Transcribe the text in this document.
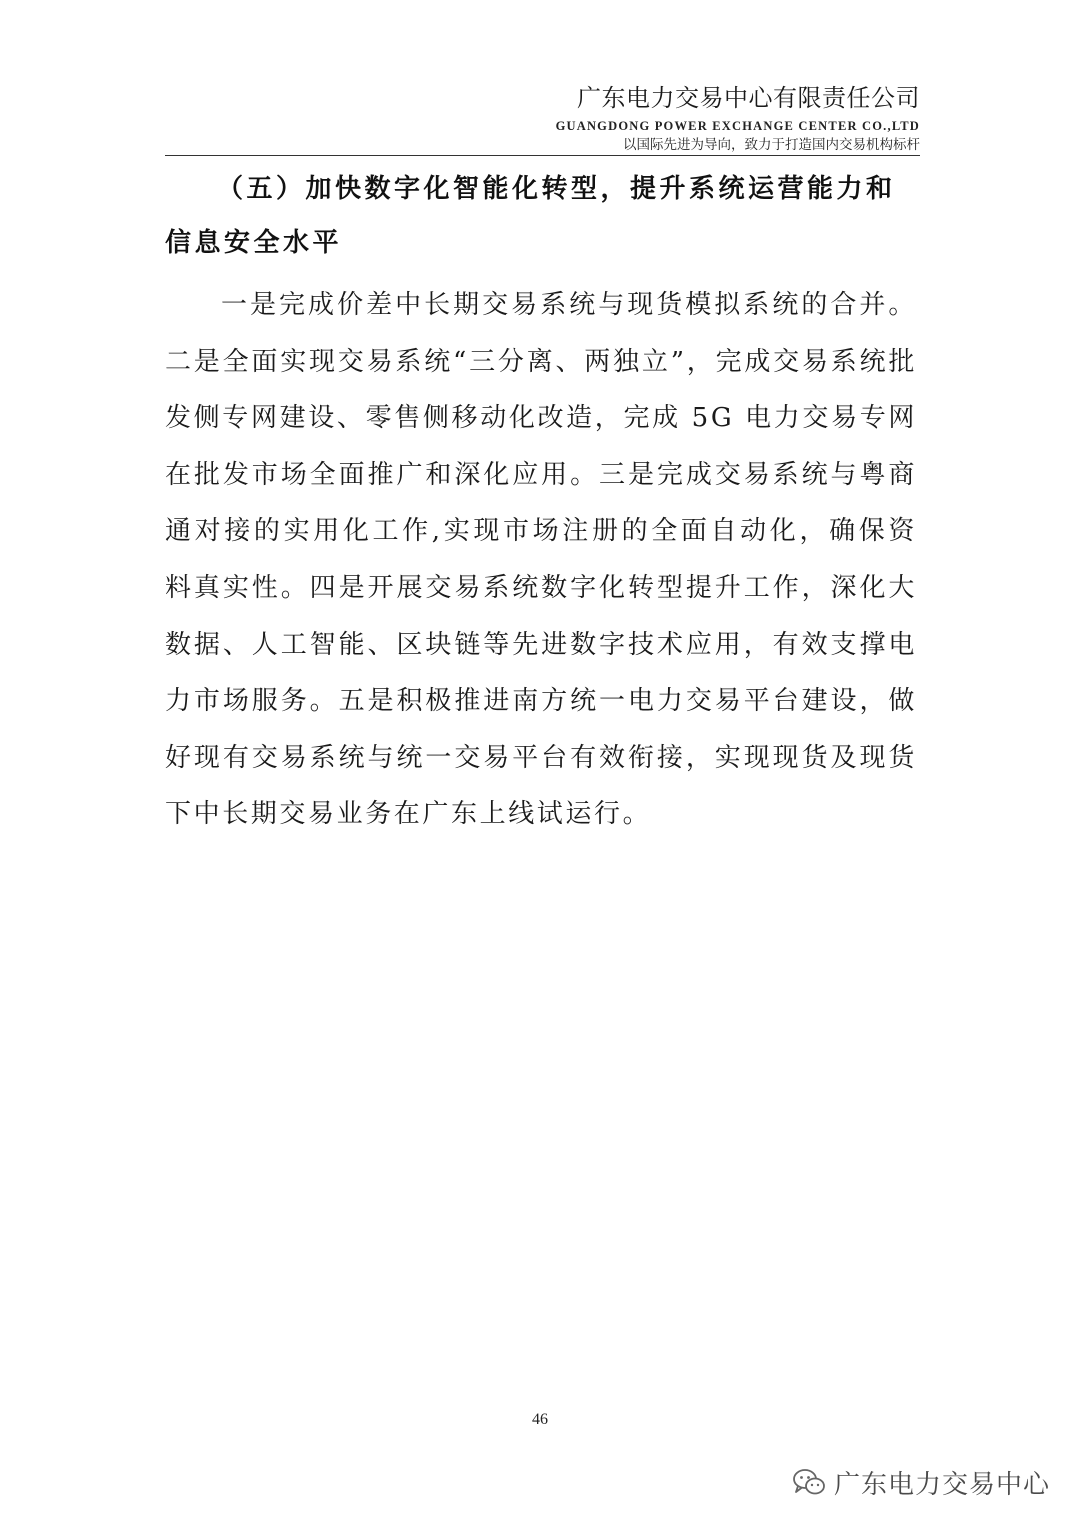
广东电力交易中心有限责任公司
GUANGDONG POWER EXCHANGE CENTER CO.,LTD
以国际先进为导向，致力于打造国内交易机构标杆
（五）加快数字化智能化转型，提升系统运营能力和信息安全水平

一是完成价差中长期交易系统与现货模拟系统的合并。二是全面实现交易系统“三分离、两独立”，完成交易系统批发侧专网建设、零售侧移动化改造，完成 5G 电力交易专网在批发市场全面推广和深化应用。三是完成交易系统与粤商通对接的实用化工作,实现市场注册的全面自动化，确保资料真实性。四是开展交易系统数字化转型提升工作，深化大数据、人工智能、区块链等先进数字技术应用，有效支撑电力市场服务。五是积极推进南方统一电力交易平台建设，做好现有交易系统与统一交易平台有效衔接，实现现货及现货下中长期交易业务在广东上线试运行。

46
广东电力交易中心
